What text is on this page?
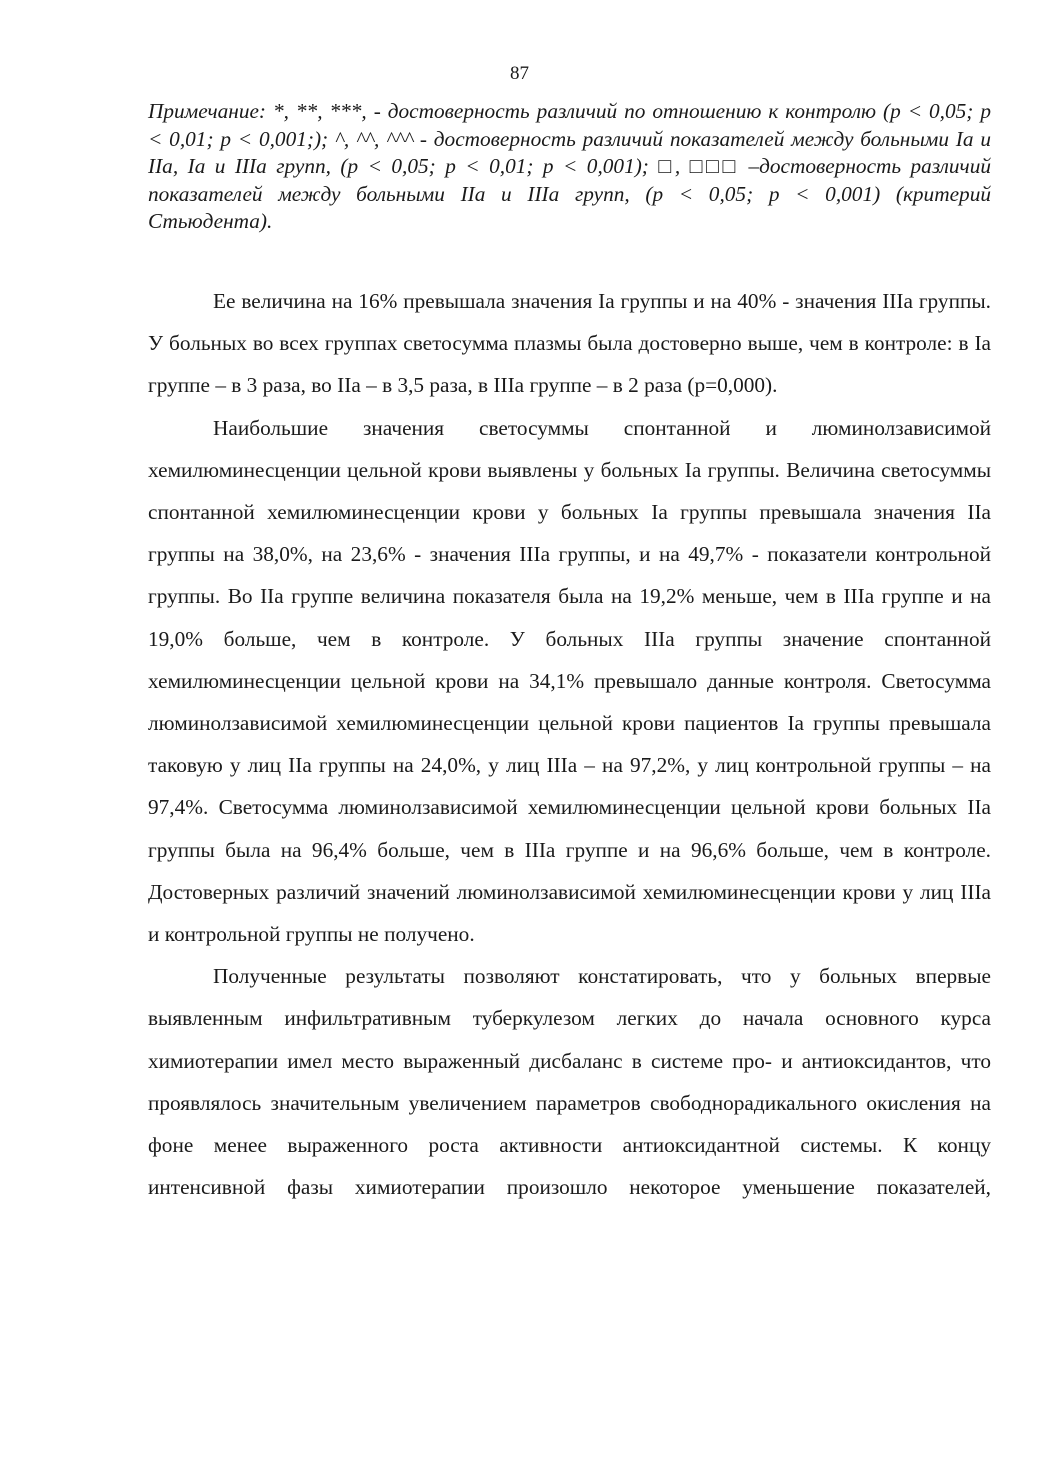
87
Примечание: *, **, ***, - достоверность различий по отношению к контролю (р < 0,05; р < 0,01; р < 0,001;); ^, ^^, ^^^ - достоверность различий показателей между больными Ia и IIa, Ia и IIIa групп, (р < 0,05; р < 0,01; р < 0,001); □, □□□ –достоверность различий показателей между больными IIa и IIIa групп, (р < 0,05; р < 0,001) (критерий Стьюдента).

Ее величина на 16% превышала значения Ia группы и на 40% - значения IIIa группы. У больных во всех группах светосумма плазмы была достоверно выше, чем в контроле: в Ia группе – в 3 раза, во IIa – в 3,5 раза, в IIIa группе – в 2 раза (р=0,000).

Наибольшие значения светосуммы спонтанной и люминолзависимой хемилюминесценции цельной крови выявлены у больных Ia группы. Величина светосуммы спонтанной хемилюминесценции крови у больных Ia группы превышала значения IIa группы на 38,0%, на 23,6% - значения IIIa группы, и на 49,7% - показатели контрольной группы. Во IIa группе величина показателя была на 19,2% меньше, чем в IIIa группе и на 19,0% больше, чем в контроле. У больных IIIa группы значение спонтанной хемилюминесценции цельной крови на 34,1% превышало данные контроля. Светосумма люминолзависимой хемилюминесценции цельной крови пациентов Ia группы превышала таковую у лиц IIa группы на 24,0%, у лиц IIIa – на 97,2%, у лиц контрольной группы – на 97,4%. Светосумма люминолзависимой хемилюминесценции цельной крови больных IIa группы была на 96,4% больше, чем в IIIa группе и на 96,6% больше, чем в контроле. Достоверных различий значений люминолзависимой хемилюминесценции крови у лиц IIIa и контрольной группы не получено.

Полученные результаты позволяют констатировать, что у больных впервые выявленным инфильтративным туберкулезом легких до начала основного курса химиотерапии имел место выраженный дисбаланс в системе про- и антиоксидантов, что проявлялось значительным увеличением параметров свободнорадикального окисления на фоне менее выраженного роста активности антиоксидантной системы. К концу интенсивной фазы химиотерапии произошло некоторое уменьшение показателей,
